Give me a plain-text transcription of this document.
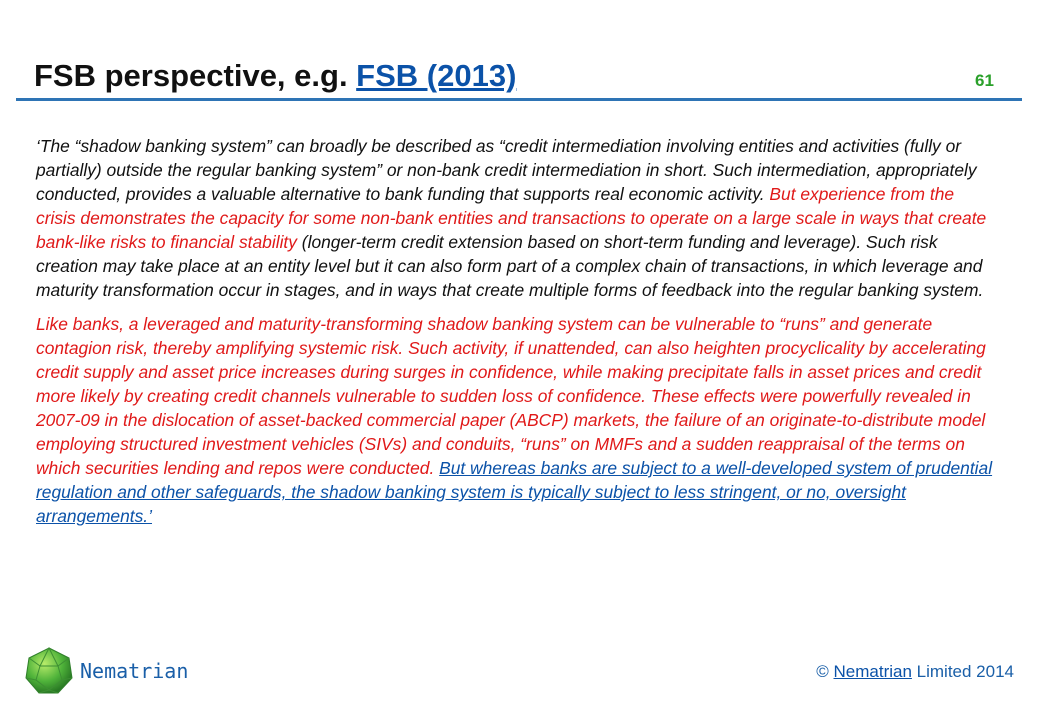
FSB perspective, e.g. FSB (2013)	61

‘The “shadow banking system” can broadly be described as “credit intermediation involving entities and activities (fully or partially) outside the regular banking system” or non-bank credit intermediation in short. Such intermediation, appropriately conducted, provides a valuable alternative to bank funding that supports real economic activity. But experience from the crisis demonstrates the capacity for some non-bank entities and transactions to operate on a large scale in ways that create bank-like risks to financial stability (longer-term credit extension based on short-term funding and leverage). Such risk creation may take place at an entity level but it can also form part of a complex chain of transactions, in which leverage and maturity transformation occur in stages, and in ways that create multiple forms of feedback into the regular banking system.

Like banks, a leveraged and maturity-transforming shadow banking system can be vulnerable to “runs” and generate contagion risk, thereby amplifying systemic risk. Such activity, if unattended, can also heighten procyclicality by accelerating credit supply and asset price increases during surges in confidence, while making precipitate falls in asset prices and credit more likely by creating credit channels vulnerable to sudden loss of confidence. These effects were powerfully revealed in 2007-09 in the dislocation of asset-backed commercial paper (ABCP) markets, the failure of an originate-to-distribute model employing structured investment vehicles (SIVs) and conduits, “runs” on MMFs and a sudden reappraisal of the terms on which securities lending and repos were conducted. But whereas banks are subject to a well-developed system of prudential regulation and other safeguards, the shadow banking system is typically subject to less stringent, or no, oversight arrangements.’

Nematrian	© Nematrian Limited 2014
